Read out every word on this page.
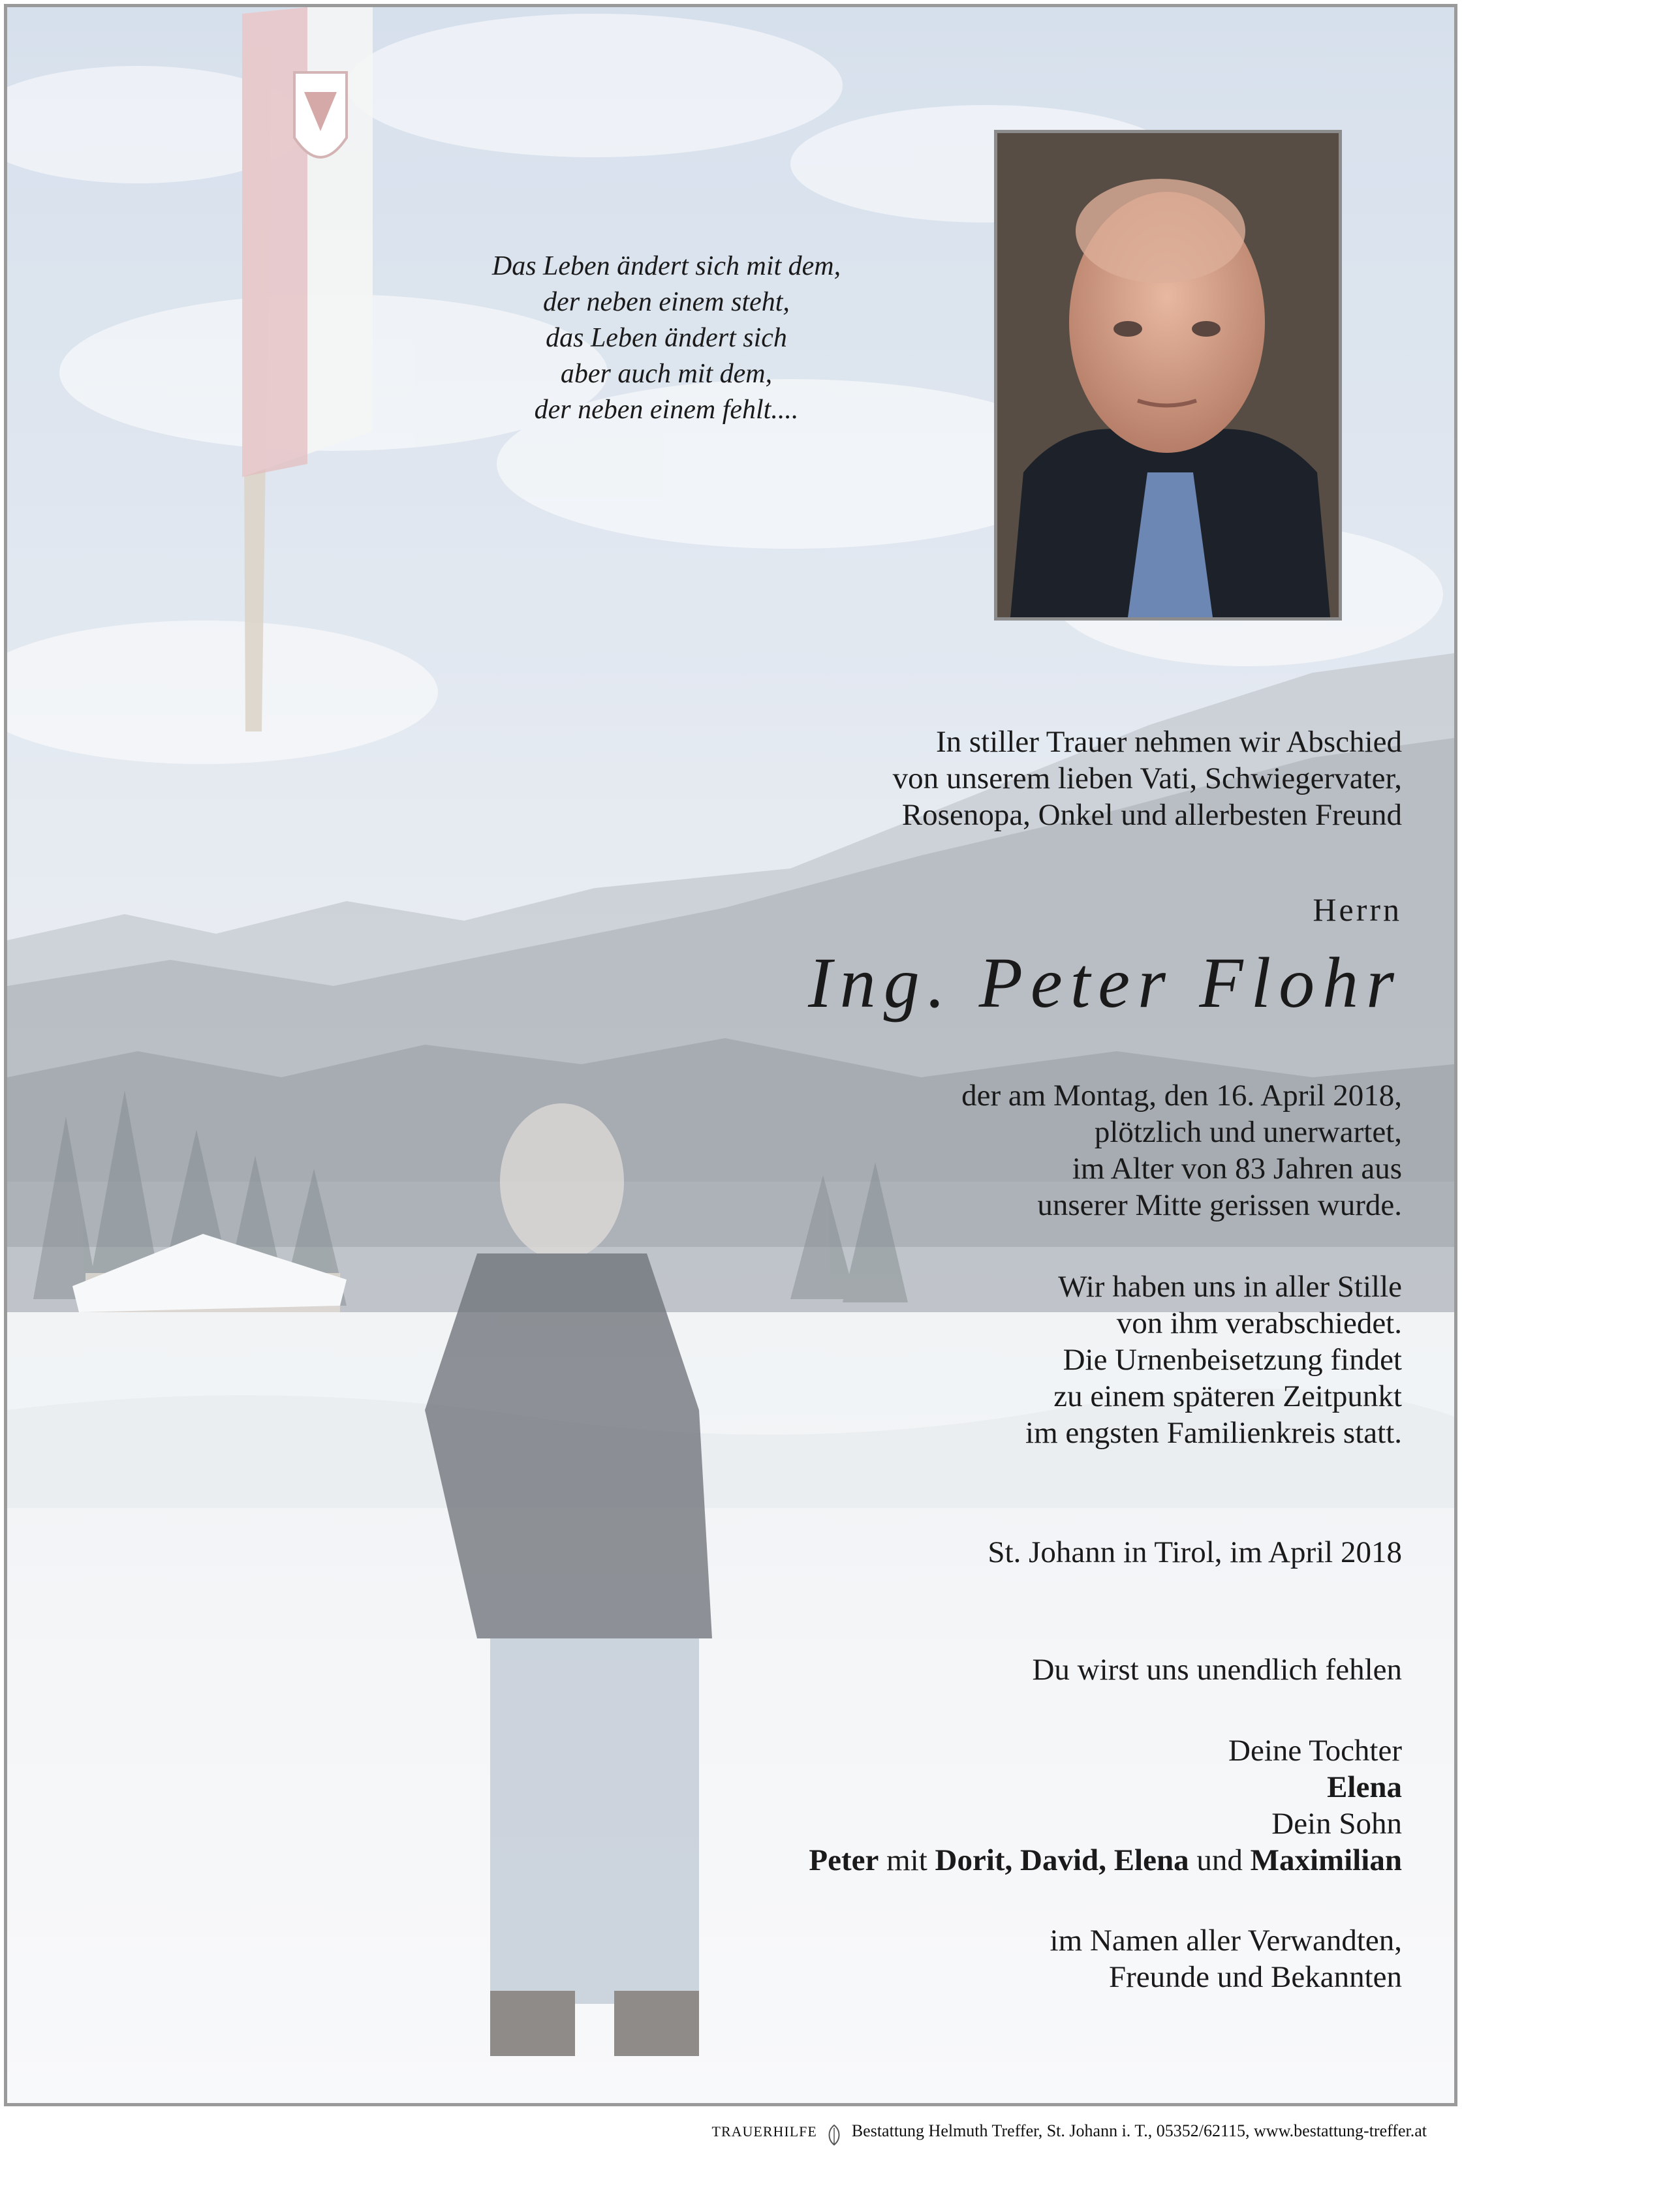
Das Leben ändert sich mit dem,
der neben einem steht,
das Leben ändert sich
aber auch mit dem,
der neben einem fehlt....
In stiller Trauer nehmen wir Abschied
von unserem lieben Vati, Schwiegervater,
Rosenopa, Onkel und allerbesten Freund
Herrn
Ing. Peter Flohr
der am Montag, den 16. April 2018,
plötzlich und unerwartet,
im Alter von 83 Jahren aus
unserer Mitte gerissen wurde.
Wir haben uns in aller Stille
von ihm verabschiedet.
Die Urnenbeisetzung findet
zu einem späteren Zeitpunkt
im engsten Familienkreis statt.
St. Johann in Tirol, im April 2018
Du wirst uns unendlich fehlen
Deine Tochter
Elena
Dein Sohn
Peter mit Dorit, David, Elena und Maximilian
im Namen aller Verwandten,
Freunde und Bekannten
TRAUERHILFE Bestattung Helmuth Treffer, St. Johann i. T., 05352/62115, www.bestattung-treffer.at
